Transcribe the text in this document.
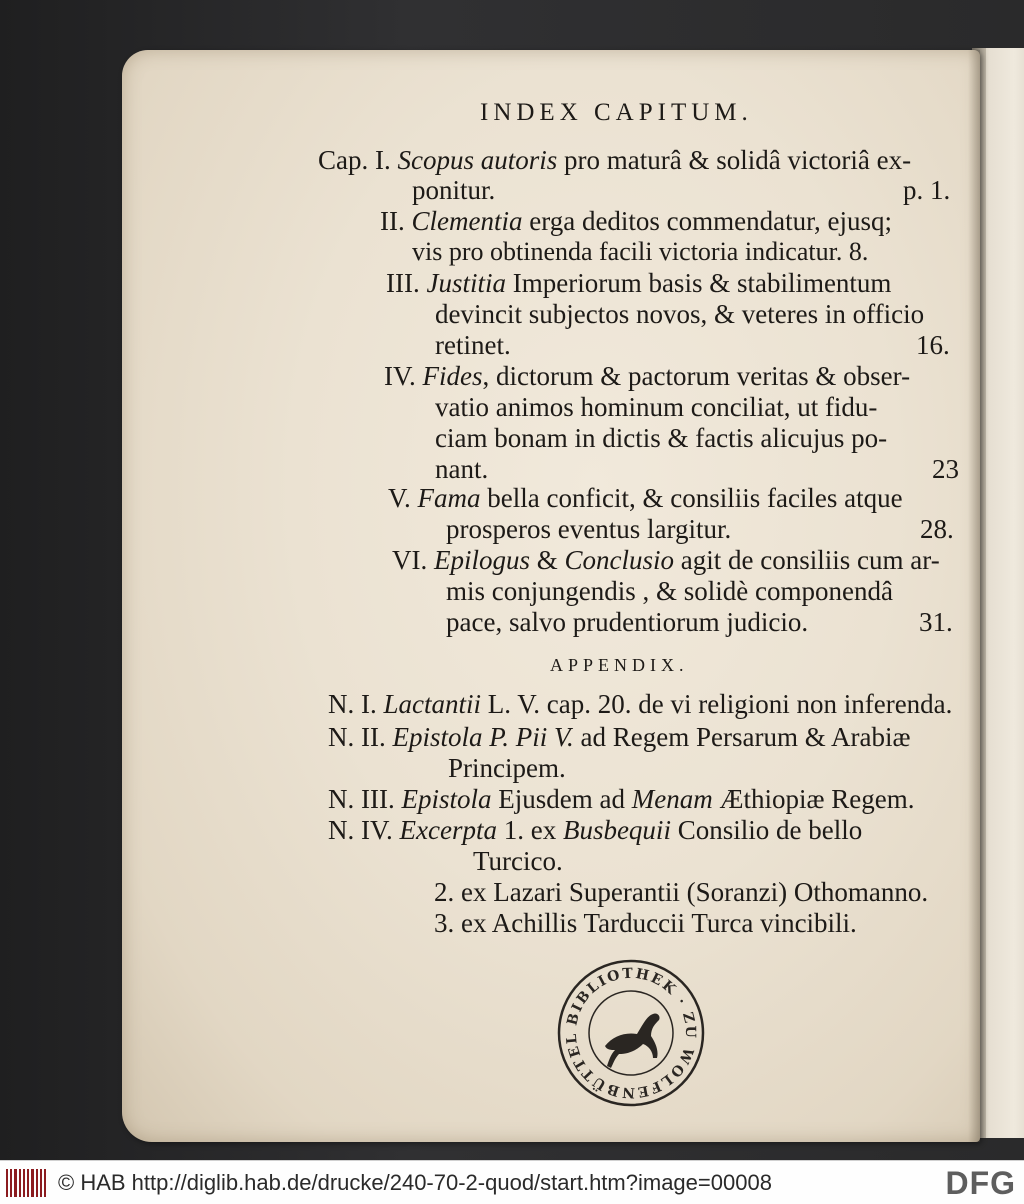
INDEX CAPITUM.
Cap. I. Scopus autoris pro maturâ & solidâ victoriâ ex-
ponitur.	p. 1.
II. Clementia erga deditos commendatur, ejusq;
vis pro obtinenda facili victoria indicatur. 8.
III. Justitia Imperiorum basis & stabilimentum
devincit subjectos novos, & veteres in officio
retinet.	16.
IV. Fides, dictorum & pactorum veritas & obser-
vatio animos hominum conciliat, ut fidu-
ciam bonam in dictis & factis alicujus po-
nant.	23
V. Fama bella conficit, & consiliis faciles atque
prosperos eventus largitur.	28.
VI. Epilogus & Conclusio agit de consiliis cum ar-
mis conjungendis , & solidè componendâ
pace, salvo prudentiorum judicio.	31.
APPENDIX.
N. I. Lactantii L. V. cap. 20. de vi religioni non inferenda.
N. II. Epistola P. Pii V. ad Regem Persarum & Arabiæ
Principem.
N. III. Epistola Ejusdem ad Menam Æthiopiæ Regem.
N. IV. Excerpta 1. ex Busbequii Consilio de bello
Turcico.
2. ex Lazari Superantii (Soranzi) Othomanno.
3. ex Achillis Tarduccii Turca vincibili.
BIBLIOTHEK · ZU WOLFENBÜTTEL
© HAB http://diglib.hab.de/drucke/240-70-2-quod/start.htm?image=00008	DFG
